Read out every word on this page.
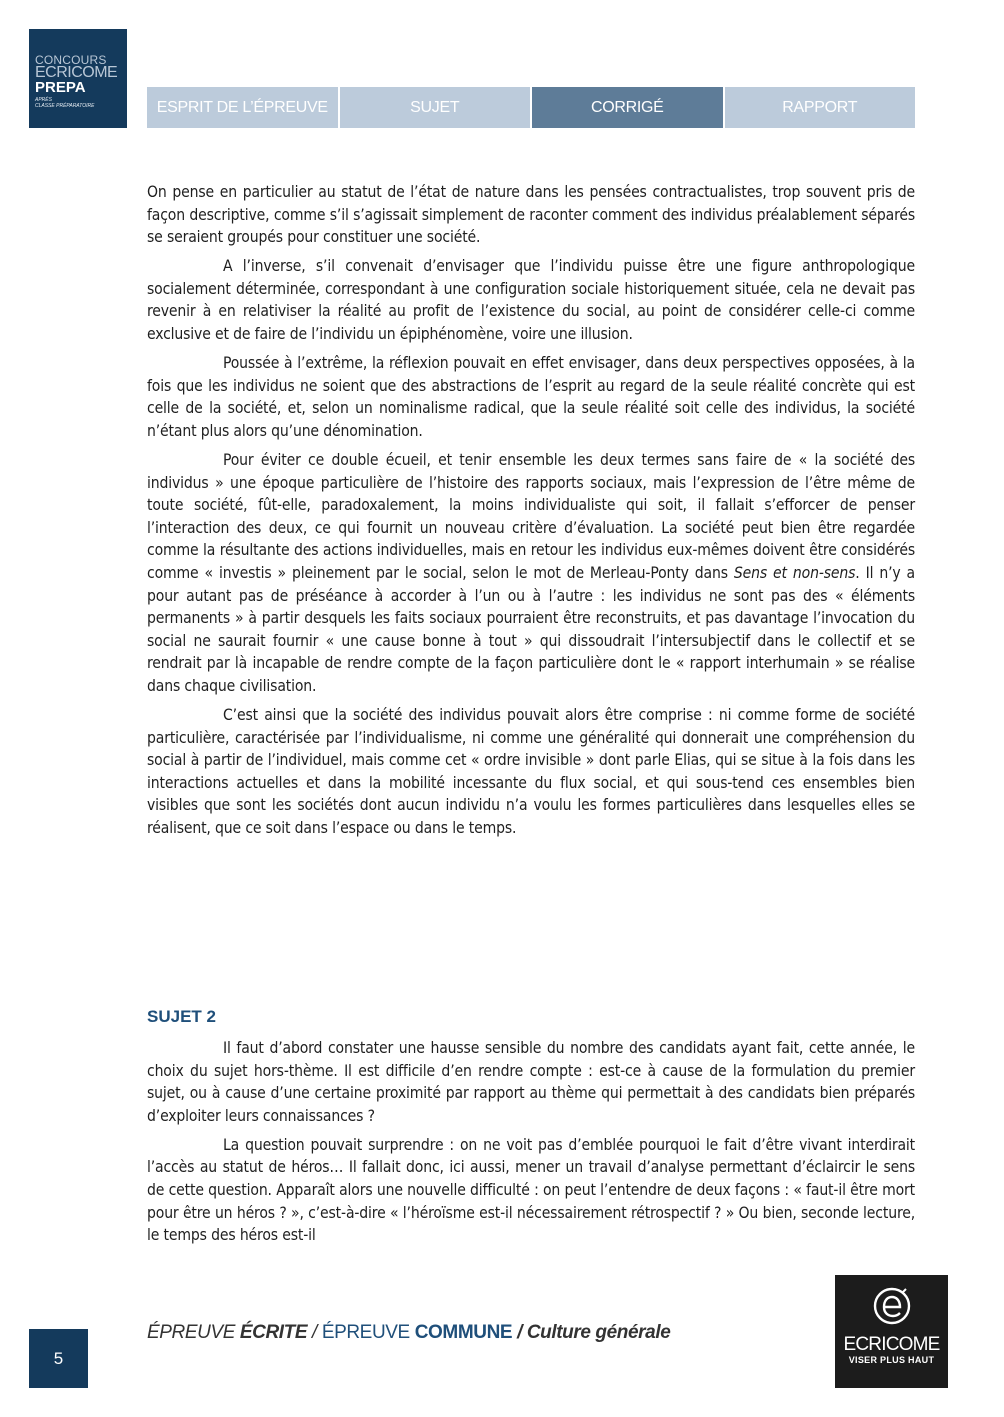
CONCOURS
ECRICOME
PREPA
APRÈS
CLASSE PRÉPARATOIRE	ESPRIT DE L’ÉPREUVE	SUJET	CORRIGÉ	RAPPORT

On pense en particulier au statut de l’état de nature dans les pensées contractualistes, trop souvent pris de façon descriptive, comme s’il s’agissait simplement de raconter comment des individus préalablement séparés se seraient groupés pour constituer une société.

A l’inverse, s’il convenait d’envisager que l’individu puisse être une figure anthropologique socialement déterminée, correspondant à une configuration sociale historiquement située, cela ne devait pas revenir à en relativiser la réalité au profit de l’existence du social, au point de considérer celle-ci comme exclusive et de faire de l’individu un épiphénomène, voire une illusion.

Poussée à l’extrême, la réflexion pouvait en effet envisager, dans deux perspectives opposées, à la fois que les individus ne soient que des abstractions de l’esprit au regard de la seule réalité concrète qui est celle de la société, et, selon un nominalisme radical, que la seule réalité soit celle des individus, la société n’étant plus alors qu’une dénomination.

Pour éviter ce double écueil, et tenir ensemble les deux termes sans faire de « la société des individus » une époque particulière de l’histoire des rapports sociaux, mais l’expression de l’être même de toute société, fût-elle, paradoxalement, la moins individualiste qui soit, il fallait s’efforcer de penser l’interaction des deux, ce qui fournit un nouveau critère d’évaluation. La société peut bien être regardée comme la résultante des actions individuelles, mais en retour les individus eux-mêmes doivent être considérés comme « investis » pleinement par le social, selon le mot de Merleau-Ponty dans Sens et non-sens. Il n’y a pour autant pas de préséance à accorder à l’un ou à l’autre : les individus ne sont pas des « éléments permanents » à partir desquels les faits sociaux pourraient être reconstruits, et pas davantage l’invocation du social ne saurait fournir « une cause bonne à tout » qui dissoudrait l’intersubjectif dans le collectif et se rendrait par là incapable de rendre compte de la façon particulière dont le « rapport interhumain » se réalise dans chaque civilisation.

C’est ainsi que la société des individus pouvait alors être comprise : ni comme forme de société particulière, caractérisée par l’individualisme, ni comme une généralité qui donnerait une compréhension du social à partir de l’individuel, mais comme cet « ordre invisible » dont parle Elias, qui se situe à la fois dans les interactions actuelles et dans la mobilité incessante du flux social, et qui sous-tend ces ensembles bien visibles que sont les sociétés dont aucun individu n’a voulu les formes particulières dans lesquelles elles se réalisent, que ce soit dans l’espace ou dans le temps.

SUJET 2

Il faut d’abord constater une hausse sensible du nombre des candidats ayant fait, cette année, le choix du sujet hors-thème. Il est difficile d’en rendre compte : est-ce à cause de la formulation du premier sujet, ou à cause d’une certaine proximité par rapport au thème qui permettait à des candidats bien préparés d’exploiter leurs connaissances ?

La question pouvait surprendre : on ne voit pas d’emblée pourquoi le fait d’être vivant interdirait l’accès au statut de héros… Il fallait donc, ici aussi, mener un travail d’analyse permettant d’éclaircir le sens de cette question. Apparaît alors une nouvelle difficulté : on peut l’entendre de deux façons : « faut-il être mort pour être un héros ? », c’est-à-dire « l’héroïsme est-il nécessairement rétrospectif ? » Ou bien, seconde lecture, le temps des héros est-il

5
ÉPREUVE ÉCRITE / ÉPREUVE COMMUNE / Culture générale
ECRICOME
VISER PLUS HAUT
